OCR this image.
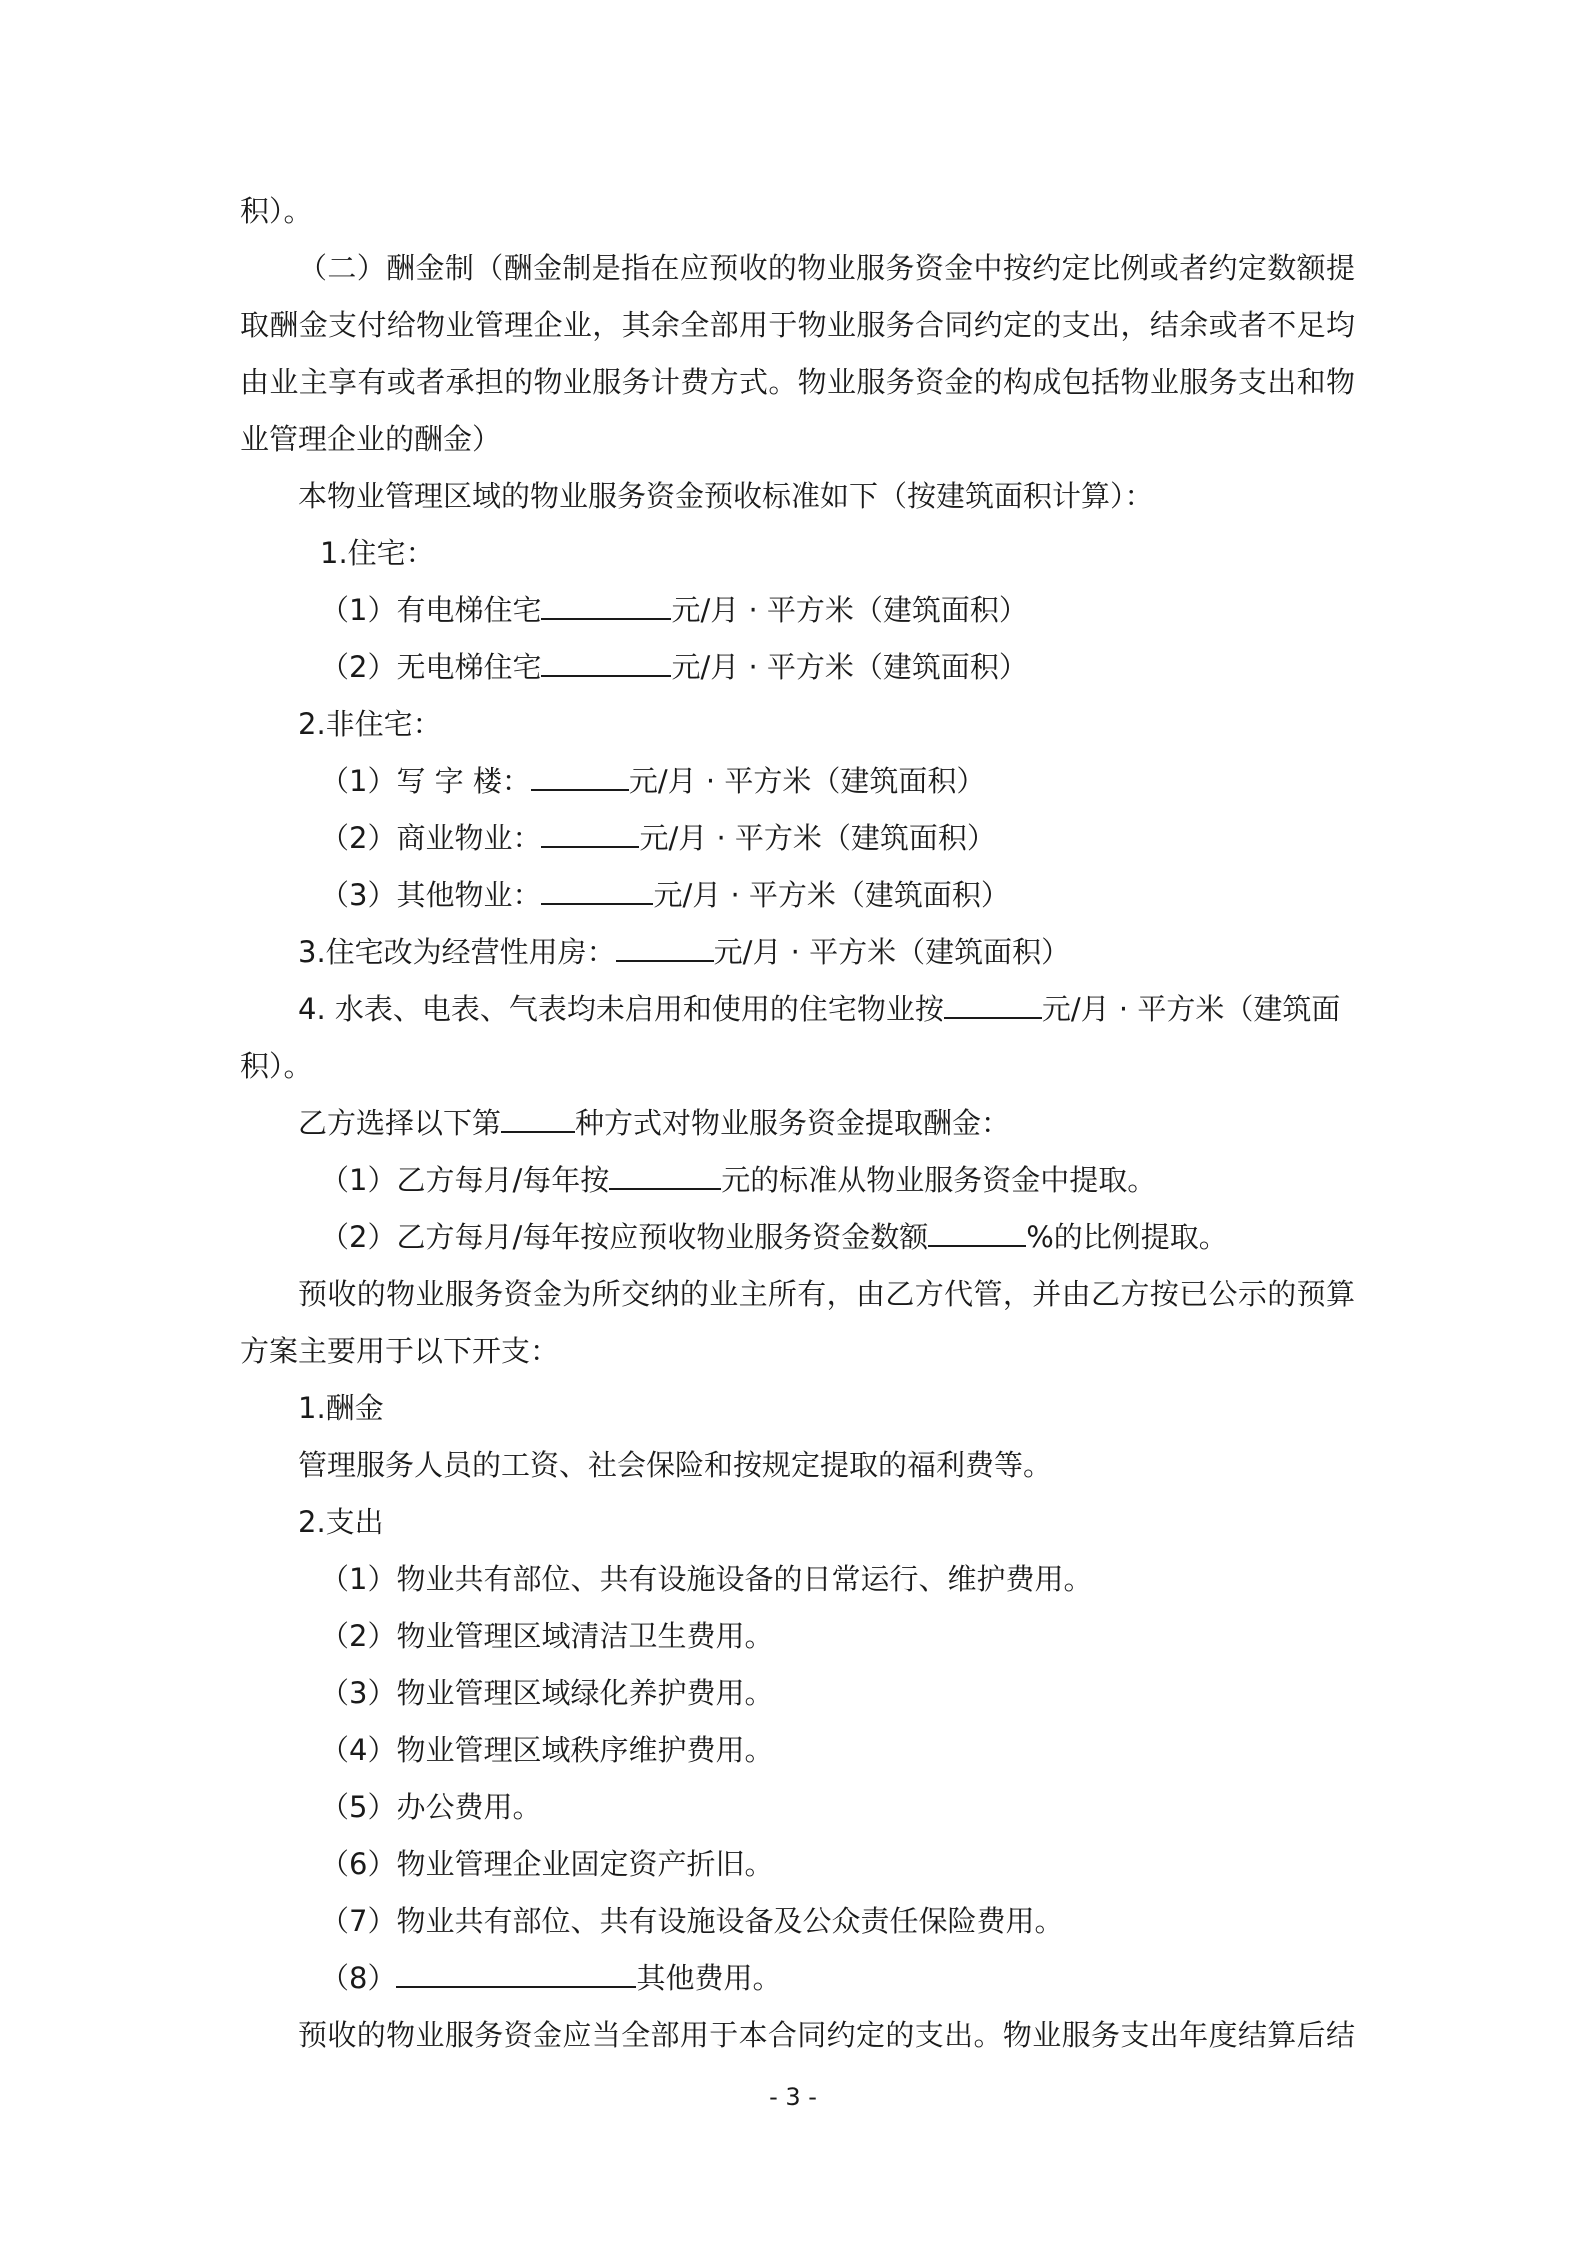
积）。
（二）酬金制（酬金制是指在应预收的物业服务资金中按约定比例或者约定数额提
取酬金支付给物业管理企业，其余全部用于物业服务合同约定的支出，结余或者不足均
由业主享有或者承担的物业服务计费方式。物业服务资金的构成包括物业服务支出和物
业管理企业的酬金）
本物业管理区域的物业服务资金预收标准如下（按建筑面积计算）：
1.住宅：
（1）有电梯住宅	元/月 · 平方米（建筑面积）
（2）无电梯住宅	元/月 · 平方米（建筑面积）
2.非住宅：
（1）写 字 楼：	元/月 · 平方米（建筑面积）
（2）商业物业：	元/月 · 平方米（建筑面积）
（3）其他物业：	元/月 · 平方米（建筑面积）
3.住宅改为经营性用房：	元/月 · 平方米（建筑面积）
4. 水表、电表、气表均未启用和使用的住宅物业按	元/月 · 平方米（建筑面
积）。
乙方选择以下第	种方式对物业服务资金提取酬金：
（1）乙方每月/每年按	元的标准从物业服务资金中提取。
（2）乙方每月/每年按应预收物业服务资金数额	%的比例提取。
预收的物业服务资金为所交纳的业主所有，由乙方代管，并由乙方按已公示的预算
方案主要用于以下开支：
1.酬金
管理服务人员的工资、社会保险和按规定提取的福利费等。
2.支出
（1）物业共有部位、共有设施设备的日常运行、维护费用。
（2）物业管理区域清洁卫生费用。
（3）物业管理区域绿化养护费用。
（4）物业管理区域秩序维护费用。
（5）办公费用。
（6）物业管理企业固定资产折旧。
（7）物业共有部位、共有设施设备及公众责任保险费用。
（8）	其他费用。
预收的物业服务资金应当全部用于本合同约定的支出。物业服务支出年度结算后结
- 3 -
